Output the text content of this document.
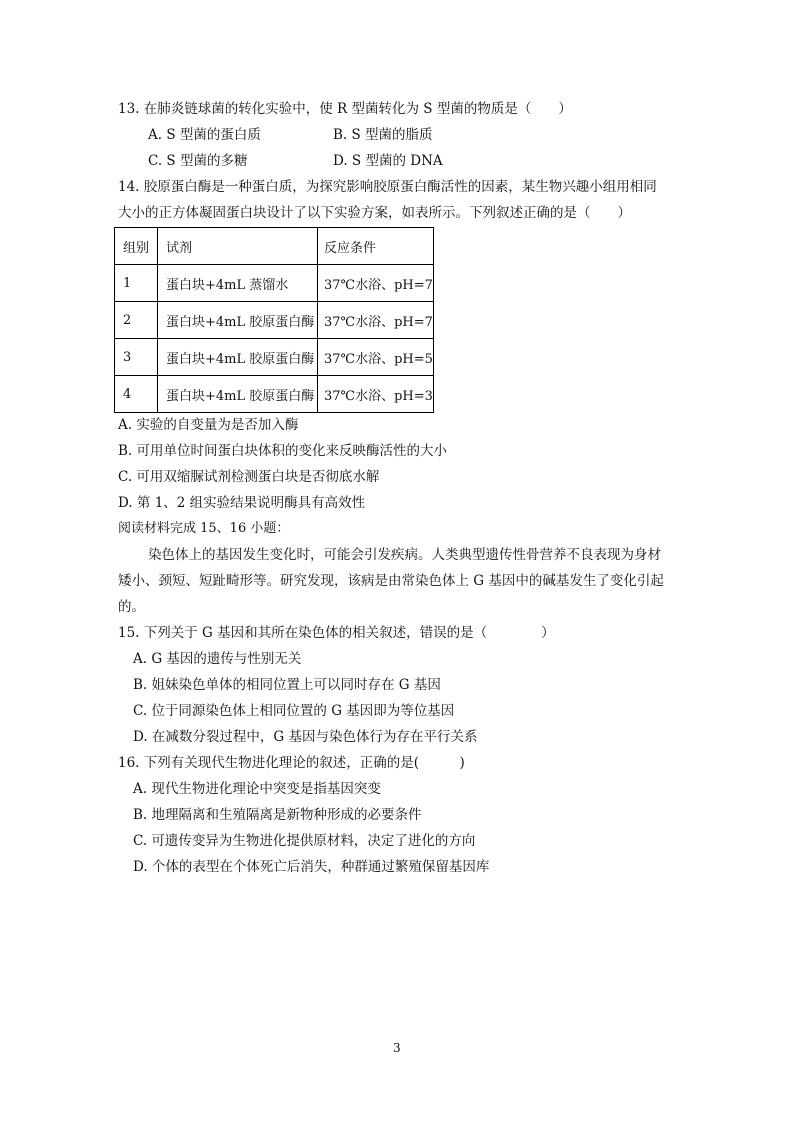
13. 在肺炎链球菌的转化实验中，使 R 型菌转化为 S 型菌的物质是（　　）
A. S 型菌的蛋白质	B. S 型菌的脂质
C. S 型菌的多糖	D. S 型菌的 DNA
14. 胶原蛋白酶是一种蛋白质，为探究影响胶原蛋白酶活性的因素，某生物兴趣小组用相同
大小的正方体凝固蛋白块设计了以下实验方案，如表所示。下列叙述正确的是（　　）
组别	试剂	反应条件
1	蛋白块+4mL 蒸馏水	37℃水浴、pH=7
2	蛋白块+4mL 胶原蛋白酶	37℃水浴、pH=7
3	蛋白块+4mL 胶原蛋白酶	37℃水浴、pH=5
4	蛋白块+4mL 胶原蛋白酶	37℃水浴、pH=3
A. 实验的自变量为是否加入酶
B. 可用单位时间蛋白块体积的变化来反映酶活性的大小
C. 可用双缩脲试剂检测蛋白块是否彻底水解
D. 第 1、2 组实验结果说明酶具有高效性
阅读材料完成 15、16 小题：
染色体上的基因发生变化时，可能会引发疾病。人类典型遗传性骨营养不良表现为身材
矮小、颈短、短趾畸形等。研究发现，该病是由常染色体上 G 基因中的碱基发生了变化引起
的。
15. 下列关于 G 基因和其所在染色体的相关叙述，错误的是（　　　　）
A. G 基因的遗传与性别无关
B. 姐妹染色单体的相同位置上可以同时存在 G 基因
C. 位于同源染色体上相同位置的 G 基因即为等位基因
D. 在减数分裂过程中，G 基因与染色体行为存在平行关系
16. 下列有关现代生物进化理论的叙述，正确的是(　　　)
A. 现代生物进化理论中突变是指基因突变
B. 地理隔离和生殖隔离是新物种形成的必要条件
C. 可遗传变异为生物进化提供原材料，决定了进化的方向
D. 个体的表型在个体死亡后消失，种群通过繁殖保留基因库
3
